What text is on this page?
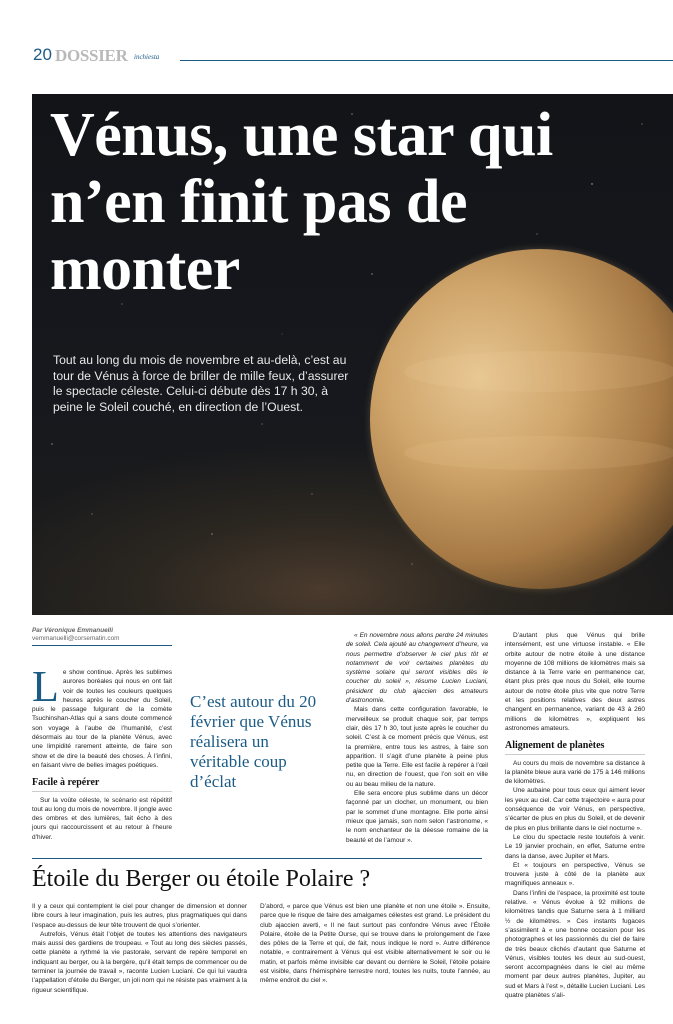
20 DOSSIER inchiesta
Vénus, une star qui n’en finit pas de monter
Tout au long du mois de novembre et au-delà, c’est au tour de Vénus à force de briller de mille feux, d’assurer le spectacle céleste. Celui-ci débute dès 17 h 30, à peine le Soleil couché, en direction de l’Ouest.
Par Véronique Emmanuelli
vemmanuelli@corsematin.com
L e show continue. Après les sublimes aurores boréales qui nous en ont fait voir de toutes les couleurs quelques heures après le coucher du Soleil, puis le passage fulgurant de la comète Tsuchinshan-Atlas qui a sans doute commencé son voyage à l’aube de l’humanité, c’est désormais au tour de la planète Vénus, avec une limpidité rarement atteinte, de faire son show et de dire la beauté des choses. À l’infini, en faisant vivre de belles images poétiques.

Facile à repérer

Sur la voûte céleste, le scénario est répétitif tout au long du mois de novembre. Il jongle avec des ombres et des lumières, fait écho à des jours qui raccourcissent et au retour à l’heure d’hiver.

C’est autour du 20 février que Vénus réalisera un véritable coup d’éclat

« En novembre nous allons perdre 24 minutes de soleil. Cela ajouté au changement d’heure, va nous permettre d’observer le ciel plus tôt et notamment de voir certaines planètes du système solaire qui seront visibles dès le coucher du soleil », résume Lucien Luciani, président du club ajaccien des amateurs d’astronomie.

Mais dans cette configuration favorable, le merveilleux se produit chaque soir, par temps clair, dès 17 h 30, tout juste après le coucher du soleil. C’est à ce moment précis que Vénus, est la première, entre tous les astres, à faire son apparition. Il s’agit d’une planète à peine plus petite que la Terre. Elle est facile à repérer à l’œil nu, en direction de l’ouest, que l’on soit en ville ou au beau milieu de la nature.

Elle sera encore plus sublime dans un décor façonné par un clocher, un monument, ou bien par le sommet d’une montagne. Elle porte ainsi mieux que jamais, son nom selon l’astronome, « le nom enchanteur de la déesse romaine de la beauté et de l’amour ».

D’autant plus que Vénus qui brille intensément, est une virtuose instable. « Elle orbite autour de notre étoile à une distance moyenne de 108 millions de kilomètres mais sa distance à la Terre varie en permanence car, étant plus près que nous du Soleil, elle tourne autour de notre étoile plus vite que notre Terre et les positions relatives des deux astres changent en permanence, variant de 43 à 260 millions de kilomètres », expliquent les astronomes amateurs.

Alignement de planètes

Au cours du mois de novembre sa distance à la planète bleue aura varié de 175 à 146 millions de kilomètres.

Une aubaine pour tous ceux qui aiment lever les yeux au ciel. Car cette trajectoire « aura pour conséquence de voir Vénus, en perspective, s’écarter de plus en plus du Soleil, et de devenir de plus en plus brillante dans le ciel nocturne ».

Le clou du spectacle reste toutefois à venir. Le 19 janvier prochain, en effet, Saturne entre dans la danse, avec Jupiter et Mars.

Et « toujours en perspective, Vénus se trouvera juste à côté de la planète aux magnifiques anneaux ».

Dans l’infini de l’espace, la proximité est toute relative. « Vénus évolue à 92 millions de kilomètres tandis que Saturne sera à 1 milliard ½ de kilomètres. » Ces instants fugaces s’assimilent à « une bonne occasion pour les photographes et les passionnés du ciel de faire de très beaux clichés d’autant que Saturne et Vénus, visibles toutes les deux au sud-ouest, seront accompagnées dans le ciel au même moment par deux autres planètes, Jupiter, au sud et Mars à l’est », détaille Lucien Luciani. Les quatre planètes s’ali-

Étoile du Berger ou étoile Polaire ?

Il y a ceux qui contemplent le ciel pour changer de dimension et donner libre cours à leur imagination, puis les autres, plus pragmatiques qui dans l’espace au-dessus de leur tête trouvent de quoi s’orienter.

Autrefois, Vénus était l’objet de toutes les attentions des navigateurs mais aussi des gardiens de troupeau. « Tout au long des siècles passés, cette planète a rythmé la vie pastorale, servant de repère temporel en indiquant au berger, ou à la bergère, qu’il était temps de commencer ou de terminer la journée de travail », raconte Lucien Luciani. Ce qui lui vaudra l’appellation d’étoile du Berger, un joli nom qui ne résiste pas vraiment à la rigueur scientifique.

D’abord, « parce que Vénus est bien une planète et non une étoile ». Ensuite, parce que le risque de faire des amalgames célestes est grand. Le président du club ajaccien averti, « Il ne faut surtout pas confondre Vénus avec l’Étoile Polaire, étoile de la Petite Ourse, qui se trouve dans le prolongement de l’axe des pôles de la Terre et qui, de fait, nous indique le nord ». Autre différence notable, « contrairement à Vénus qui est visible alternativement le soir ou le matin, et parfois même invisible car devant ou derrière le Soleil, l’étoile polaire est visible, dans l’hémisphère terrestre nord, toutes les nuits, toute l’année, au même endroit du ciel ».
